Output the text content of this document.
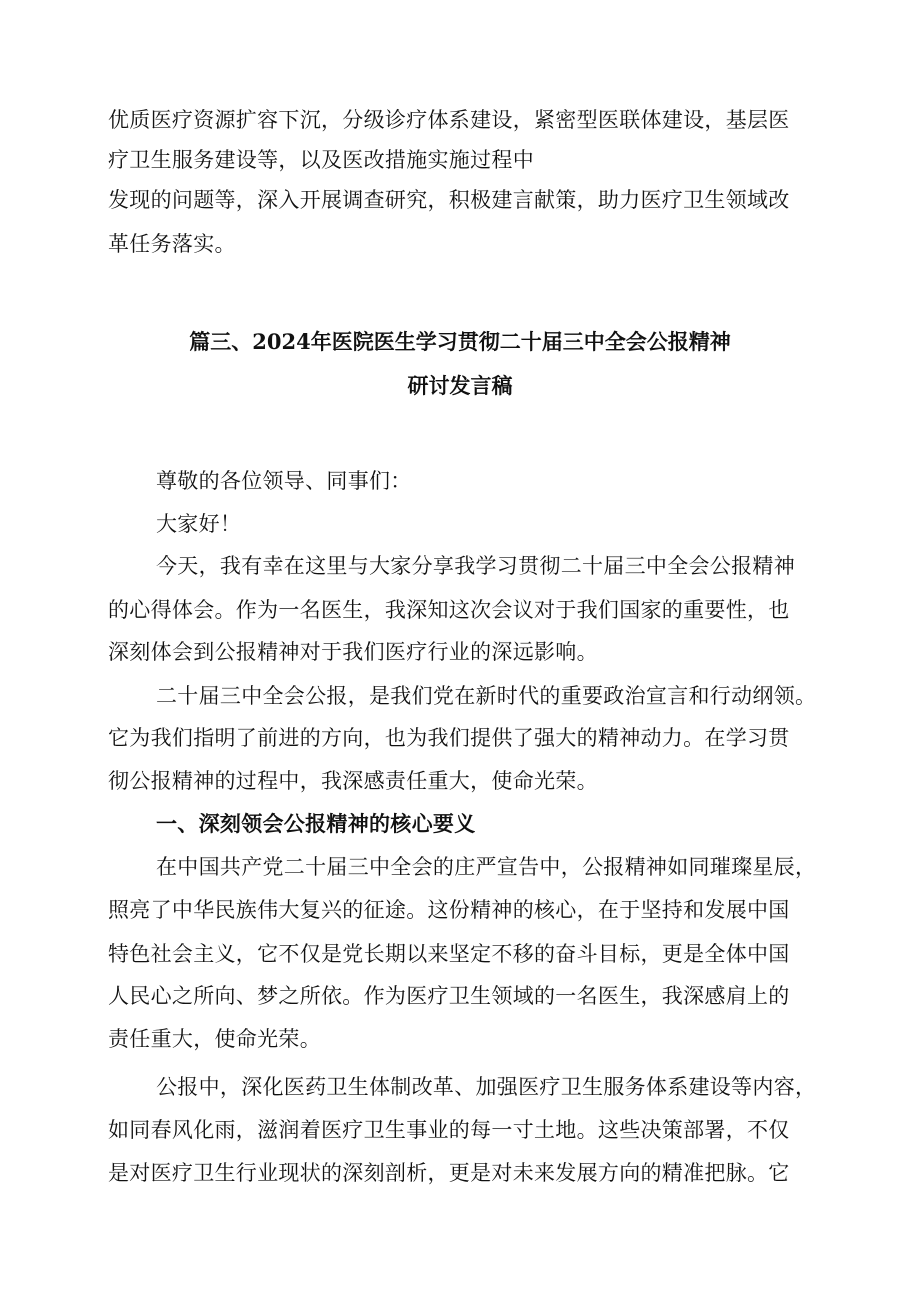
优质医疗资源扩容下沉，分级诊疗体系建设，紧密型医联体建设，基层医
疗卫生服务建设等，以及医改措施实施过程中
发现的问题等，深入开展调查研究，积极建言献策，助力医疗卫生领域改
革任务落实。
篇三、2024年医院医生学习贯彻二十届三中全会公报精神
研讨发言稿
尊敬的各位领导、同事们：
大家好！
今天，我有幸在这里与大家分享我学习贯彻二十届三中全会公报精神
的心得体会。作为一名医生，我深知这次会议对于我们国家的重要性，也
深刻体会到公报精神对于我们医疗行业的深远影响。
二十届三中全会公报，是我们党在新时代的重要政治宣言和行动纲领。
它为我们指明了前进的方向，也为我们提供了强大的精神动力。在学习贯
彻公报精神的过程中，我深感责任重大，使命光荣。
一、深刻领会公报精神的核心要义
在中国共产党二十届三中全会的庄严宣告中，公报精神如同璀璨星辰，
照亮了中华民族伟大复兴的征途。这份精神的核心，在于坚持和发展中国
特色社会主义，它不仅是党长期以来坚定不移的奋斗目标，更是全体中国
人民心之所向、梦之所依。作为医疗卫生领域的一名医生，我深感肩上的
责任重大，使命光荣。
公报中，深化医药卫生体制改革、加强医疗卫生服务体系建设等内容，
如同春风化雨，滋润着医疗卫生事业的每一寸土地。这些决策部署，不仅
是对医疗卫生行业现状的深刻剖析，更是对未来发展方向的精准把脉。它
